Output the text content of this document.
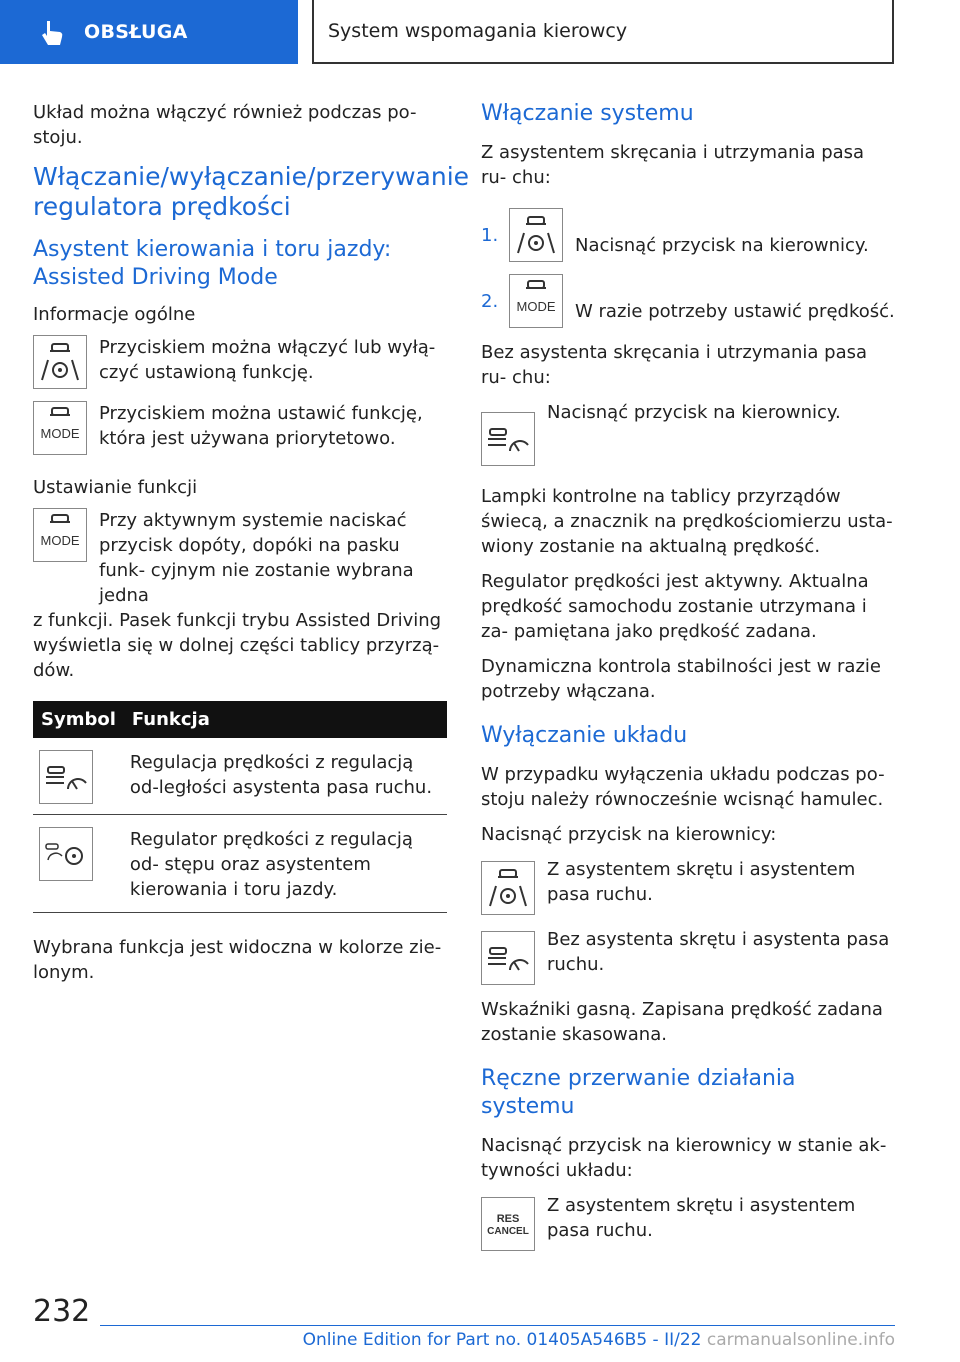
OBSŁUGA	System wspomagania kierowcy

Układ można włączyć również podczas po- stoju.

Włączanie/wyłączanie/przerywanie regulatora prędkości
Asystent kierowania i toru jazdy: Assisted Driving Mode
Informacje ogólne

Przyciskiem można włączyć lub wyłą- czyć ustawioną funkcję.

MODE

Przyciskiem można ustawić funkcję, która jest używana priorytetowo.

Ustawianie funkcji
MODE

Przy aktywnym systemie naciskać przycisk dopóty, dopóki na pasku funk- cyjnym nie zostanie wybrana jedna

z funkcji. Pasek funkcji trybu Assisted Driving wyświetla się w dolnej części tablicy przyrzą- dów.

Symbol	Funkcja

	Regulacja prędkości z regulacją od-ległości asystenta pasa ruchu.

	Regulator prędkości z regulacją od- stępu oraz asystentem kierowania i toru jazdy.

Wybrana funkcja jest widoczna w kolorze zie- lonym.

Włączanie systemu

Z asystentem skręcania i utrzymania pasa ru- chu:

1.	Nacisnąć przycisk na kierownicy.

2.	MODE W razie potrzeby ustawić prędkość.

Bez asystenta skręcania i utrzymania pasa ru- chu:

Nacisnąć przycisk na kierownicy.

Lampki kontrolne na tablicy przyrządów świecą, a znacznik na prędkościomierzu usta- wiony zostanie na aktualną prędkość.

Regulator prędkości jest aktywny. Aktualna prędkość samochodu zostanie utrzymana i za- pamiętana jako prędkość zadana.

Dynamiczna kontrola stabilności jest w razie potrzeby włączana.

Wyłączanie układu

W przypadku wyłączenia układu podczas po- stoju należy równocześnie wcisnąć hamulec.

Nacisnąć przycisk na kierownicy:

Z asystentem skrętu i asystentem pasa ruchu.

Bez asystenta skrętu i asystenta pasa ruchu.

Wskaźniki gasną. Zapisana prędkość zadana zostanie skasowana.

Ręczne przerwanie działania systemu

Nacisnąć przycisk na kierownicy w stanie ak- tywności układu:

RES
CANCEL

Z asystentem skrętu i asystentem pasa ruchu.

232
Online Edition for Part no. 01405A546B5 - II/22 carmanualsonline.info
